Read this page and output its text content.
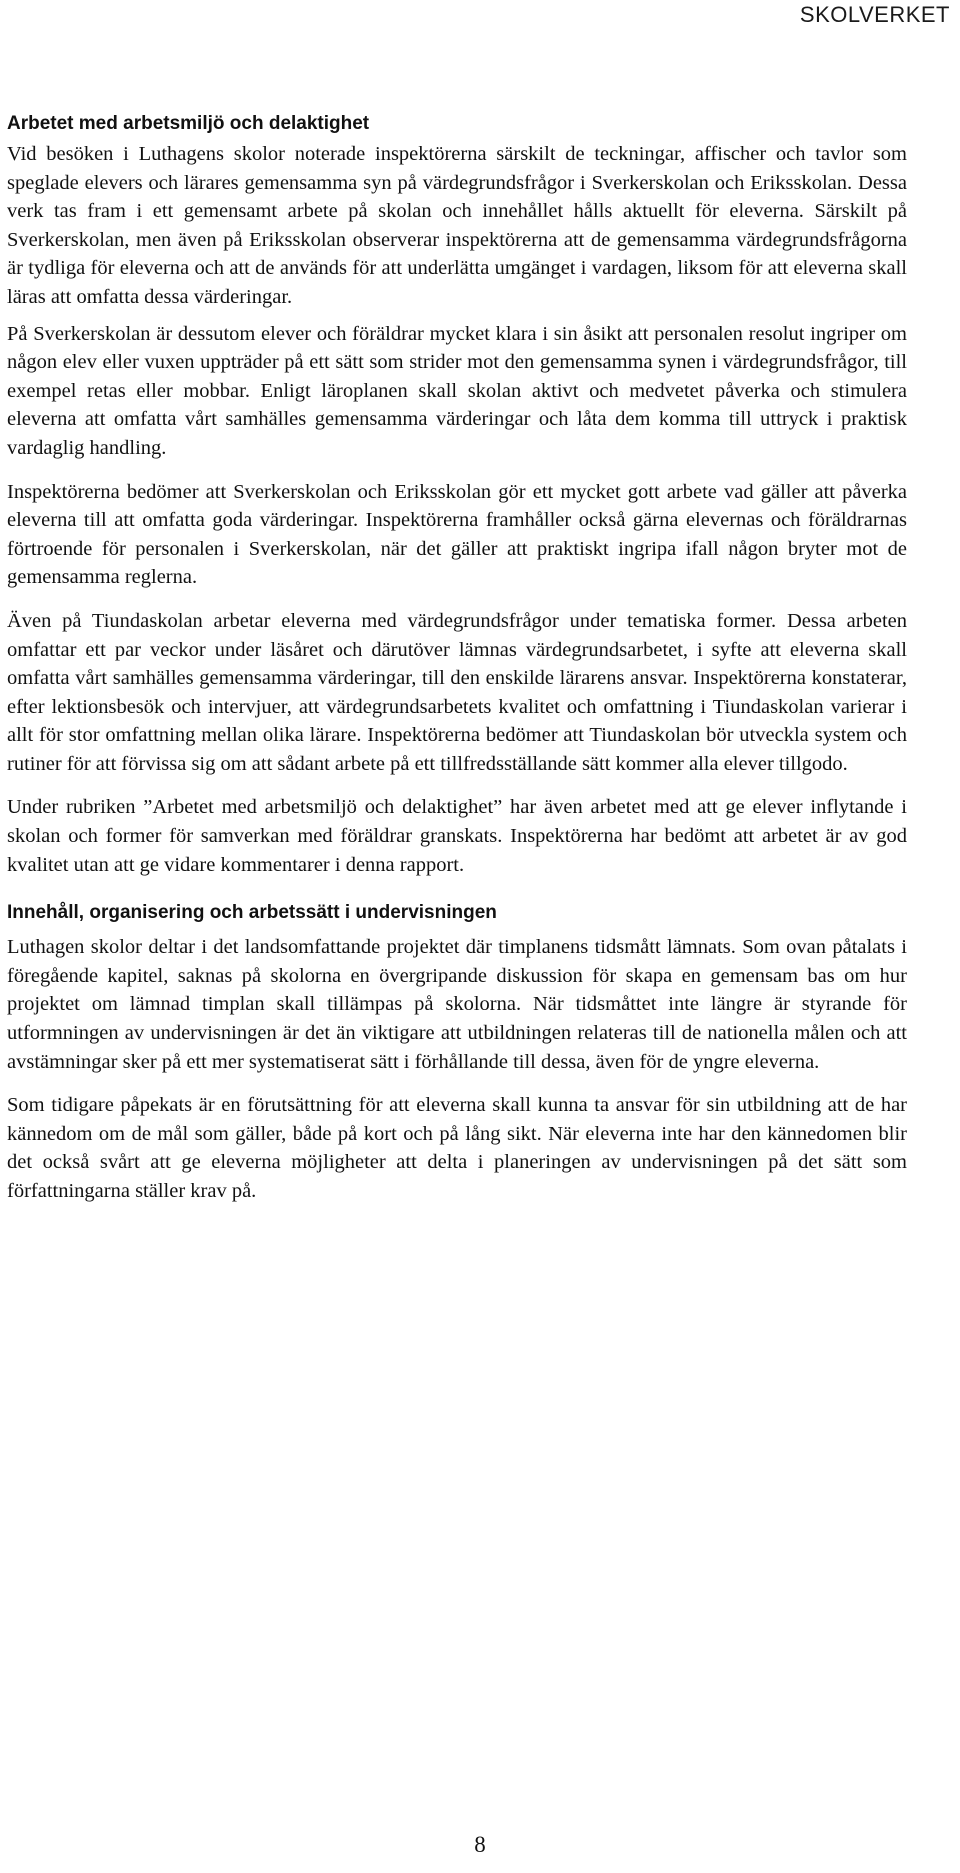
SKOLVERKET
Arbetet med arbetsmiljö och delaktighet

Vid besöken i Luthagens skolor noterade inspektörerna särskilt de teckningar, affischer och tavlor som speglade elevers och lärares gemensamma syn på värdegrundsfrågor i Sverkerskolan och Eriksskolan. Dessa verk tas fram i ett gemensamt arbete på skolan och innehållet hålls aktuellt för eleverna. Särskilt på Sverkerskolan, men även på Eriksskolan observerar inspektörerna att de gemensamma värdegrundsfrågorna är tydliga för eleverna och att de används för att underlätta umgänget i vardagen, liksom för att eleverna skall läras att omfatta dessa värderingar.

På Sverkerskolan är dessutom elever och föräldrar mycket klara i sin åsikt att personalen resolut ingriper om någon elev eller vuxen uppträder på ett sätt som strider mot den gemensamma synen i värdegrundsfrågor, till exempel retas eller mobbar. Enligt läroplanen skall skolan aktivt och medvetet påverka och stimulera eleverna att omfatta vårt samhälles gemensamma värderingar och låta dem komma till uttryck i praktisk vardaglig handling.

Inspektörerna bedömer att Sverkerskolan och Eriksskolan gör ett mycket gott arbete vad gäller att påverka eleverna till att omfatta goda värderingar. Inspektörerna framhåller också gärna elevernas och föräldrarnas förtroende för personalen i Sverkerskolan, när det gäller att praktiskt ingripa ifall någon bryter mot de gemensamma reglerna.

Även på Tiundaskolan arbetar eleverna med värdegrundsfrågor under tematiska former. Dessa arbeten omfattar ett par veckor under läsåret och därutöver lämnas värdegrundsarbetet, i syfte att eleverna skall omfatta vårt samhälles gemensamma värderingar, till den enskilde lärarens ansvar. Inspektörerna konstaterar, efter lektionsbesök och intervjuer, att värdegrundsarbetets kvalitet och omfattning i Tiundaskolan varierar i allt för stor omfattning mellan olika lärare. Inspektörerna bedömer att Tiundaskolan bör utveckla system och rutiner för att förvissa sig om att sådant arbete på ett tillfredsställande sätt kommer alla elever tillgodo.

Under rubriken ”Arbetet med arbetsmiljö och delaktighet” har även arbetet med att ge elever inflytande i skolan och former för samverkan med föräldrar granskats. Inspektörerna har bedömt att arbetet är av god kvalitet utan att ge vidare kommentarer i denna rapport.

Innehåll, organisering och arbetssätt i undervisningen

Luthagen skolor deltar i det landsomfattande projektet där timplanens tidsmått lämnats. Som ovan påtalats i föregående kapitel, saknas på skolorna en övergripande diskussion för skapa en gemensam bas om hur projektet om lämnad timplan skall tillämpas på skolorna. När tidsmåttet inte längre är styrande för utformningen av undervisningen är det än viktigare att utbildningen relateras till de nationella målen och att avstämningar sker på ett mer systematiserat sätt i förhållande till dessa, även för de yngre eleverna.

Som tidigare påpekats är en förutsättning för att eleverna skall kunna ta ansvar för sin utbildning att de har kännedom om de mål som gäller, både på kort och på lång sikt. När eleverna inte har den kännedomen blir det också svårt att ge eleverna möjligheter att delta i planeringen av undervisningen på det sätt som författningarna ställer krav på.

8
